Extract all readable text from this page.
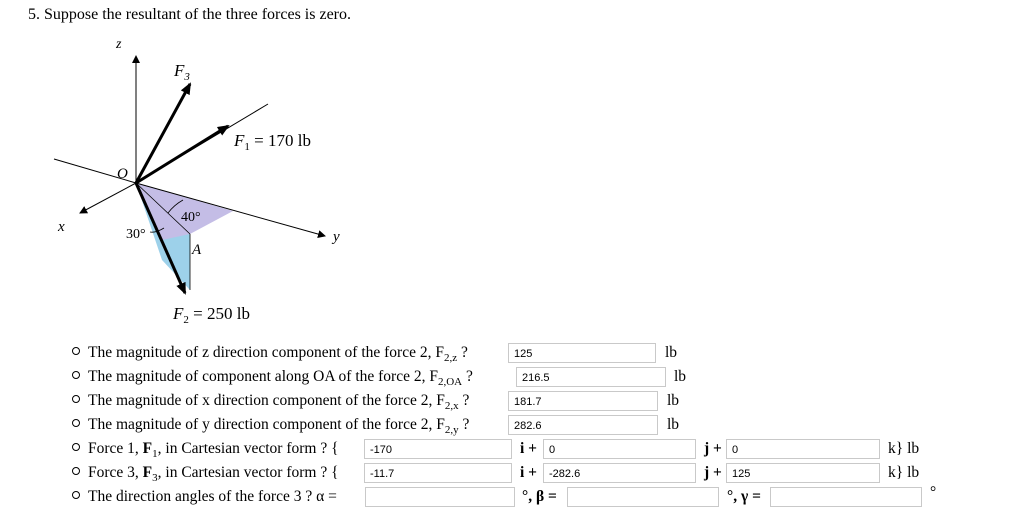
5. Suppose the resultant of the three forces is zero.
z
x
y
O
$F_3$
$F_1 = 170$ lb
$F_2 = 250$ lb
40°
30°
A
The magnitude of z direction component of the force 2, $F_{2,z}$ ?	125	lb
The magnitude of component along OA of the force 2, $F_{2,OA}$ ?	216.5	lb
The magnitude of x direction component of the force 2, $F_{2,x}$ ?	181.7	lb
The magnitude of y direction component of the force 2, $F_{2,y}$ ?	282.6	lb
Force 1, $F_1$, in Cartesian vector form ? {	-170	i +	0	j + 0	k} lb
Force 3, $F_3$, in Cartesian vector form ? {	-11.7	i +	-282.6	j + 125	k} lb
The direction angles of the force 3 ? α =	°, β =	°, γ =	°
